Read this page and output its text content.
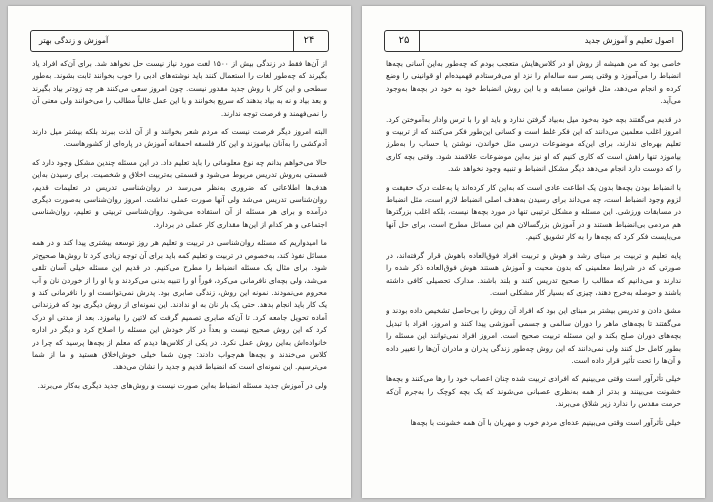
۲۴
آموزش و زندگی بهتر

از آن‌ها فقط در زندگی بیش از ۱۵۰۰ لغت مورد نیاز نیست حل نخواهد شد. برای آن‌که افراد یاد بگیرند که چه‌طور لغات را استعمال کنند باید نوشته‌های ادبی را خوب بخوانند ثابت بشوند. به‌طور سطحی و این کار با روش جدید مقدور نیست. چون امروز سعی می‌کنند هر چه زودتر بیاد بگیرند و بعد بیاد و نه به بیاد بدهند که سریع بخوانند و با این عمل غالباً مطالب را می‌خوانند ولی معنی آن را نمی‌فهمند و فرصت توجه ندارند.

البته امروز دیگر فرصت نیست که مردم شعر بخوانند و از آن لذت ببرند بلکه بیشتر میل دارند آدم‌کشی را به‌آنان بیاموزند و این کار فلسفه احمقانه آموزش در پاره‌ای از کشورهاست.

حالا می‌خواهم بدانم چه نوع معلوماتی را باید تعلیم داد. در این مسئله چندین مشکل وجود دارد که قسمتی به‌روش تدریس مربوط می‌شود و قسمتی به‌تربیت اخلاق و شخصیت. برای رسیدن به‌این هدف‌ها اطلاعاتی که ضروری به‌نظر می‌رسد در روان‌شناسی تدریس در تعلیمات قدیم، روان‌شناسی تدریس می‌شد ولی آنها صورت عملی نداشت. امروز روان‌شناسی به‌صورت دیگری درآمده و برای هر مسئله از آن استفاده می‌شود. روان‌شناسی تربیتی و تعلیم، روان‌شناسی اجتماعی و هر کدام از این‌ها مقداری کار عملی در بردارد.

ما امیدواریم که مسئله روان‌شناسی در تربیت و تعلیم هر روز توسعه بیشتری پیدا کند و در همه مسائل نفوذ کند، به‌خصوص در تربیت و تعلیم کمه باید برای آن توجه زیادی کرد تا روش‌ها صحیح‌تر شود. برای مثال یک مسئله انضباط را مطرح می‌کنیم. در قدیم این مسئله خیلی آسان تلقی می‌شد، ولی بچه‌ای نافرمانی می‌کرد، فوراً او را تنبیه بدنی می‌کردند و یا او را از خوردن نان و آب محروم می‌نمودند. نمونه این روش، زندگی صابری بود. پدرش نمی‌توانست او را نافرمانی کند و یک کار باید انجام بدهد. حتی یک بار نان به او ندادند. این نمونه‌ای از روش دیگری بود که فرزندانی آماده تحویل جامعه کرد. تا آن‌که صابری تصمیم گرفت که لاتین را بیاموزد. بعد از مدتی او درک کرد که این روش صحیح نیست و بعداً در کار خودش این مسئله را اصلاح کرد و دیگر در اداره خانواده‌اش به‌این روش عمل نکرد. در یکی از کلاس‌ها دیدم که معلم از بچه‌ها پرسید که چرا در کلاس می‌خندند و بچه‌ها هم‌جواب دادند: چون شما خیلی خوش‌اخلاق هستید و ما از شما می‌ترسیم. این نمونه‌ای است که انضباط قدیم و جدید را نشان می‌دهد.

ولی در آموزش جدید مسئله انضباط به‌این صورت نیست و روش‌های جدید دیگری به‌کار می‌برند.

۲۵	اصول تعلیم و آموزش جدید

خاصی بود که من همیشه از روش او در کلاس‌هایش متعجب بودم که چه‌طور به‌این آسانی بچه‌ها انضباط را می‌آموزد و وقتی پسر سه ساله‌ام را نزد او می‌فرستادم قهمیده‌ام او قوانینی را وضع کرده و انجام می‌دهد، مثل قوانین مسابقه و با این روش انضباط خود به خود در بچه‌ها به‌وجود می‌آید.

در قدیم می‌گفتند بچه خود به‌خود میل به‌بیاد گرفتن ندارد و باید او را با ترس وادار به‌آموختن کرد. امروز اغلب معلمین می‌دانند که این فکر غلط است و کسانی این‌طور فکر می‌کنند که از تربیت و تعلیم بهره‌ای ندارند، برای این‌که موضوعات درسی مثل خواندن، نوشتن یا حساب را به‌طرز بیاموزد تنها راهش است که کاری کنیم که او نیز به‌این موضوعات علاقمند شود. وقتی بچه کاری را که دوست دارد انجام می‌دهد دیگر مشکل انضباط و تنبیه وجود نخواهد شد.

با انضباط بودن بچه‌ها بدون یک اطاعت عادی است که به‌این کار کرده‌اند یا به‌علت درک حقیقت و لزوم وجود انضباط است، چه می‌داند برای رسیدن به‌هدف اصلی انضباط لازم است، مثل انضباط در مسابقات ورزشی. این مسئله و مشکل ترتیبی تنها در مورد بچه‌ها نیست، بلکه اغلب بزرگترها هم مردمی بی‌انضباط هستند و در آموزش بزرگسالان هم این مسائل مطرح است، برای حل آنها می‌بایست فکر کرد که بچه‌ها را به کار تشویق کنیم.

پایه تعلیم و تربیت بر مبنای رشد و هوش و تربیت افراد فوق‌العاده باهوش قرار گرفته‌اند، در صورتی که در شرایط معلمینی که بدون محبت و آموزش هستند هوش فوق‌العاده ذکر شده را ندارند و می‌دانیم که مطالب را صحیح تدریس کنند و بلند باشند. مدارک تحصیلی کافی داشته باشند و حوصله به‌خرج دهند، چیزی که بسیار کار مشکلی است.

مشق دادن و تدریس بیشتر بر مبنای این بود که افراد آن روش را بی‌حاصل تشخیص داده بودند و می‌گفتند تا بچه‌های ماهر را دوران سالمی و جسمی آموزشی پیدا کنند و امروز، افراد با تبدیل بچه‌های دوران صلح بکند و این مسئله تربیت صحیح است. امروز افراد نمی‌توانند این مسئله را بطور کامل حل کنند ولی نمی‌دانند که این روش چه‌طور زندگی پدران و مادران آن‌ها را تغییر داده و آن‌ها را تحت تأثیر قرار داده است.

خیلی تأثرآور است وقتی می‌بینیم که افرادی تربیت شده چنان اعصاب خود را رها می‌کنند و بچه‌ها خشونت می‌بینند و بدتر از همه به‌نظری عصبانی می‌شوند که یک بچه کوچک را به‌جرم آن‌که حرمت مقدس را ندارد زیر شلاق می‌برند.

خیلی تأثرآور است وقتی می‌بینیم عده‌ای مردم خوب و مهربان با آن همه خشونت با بچه‌ها
